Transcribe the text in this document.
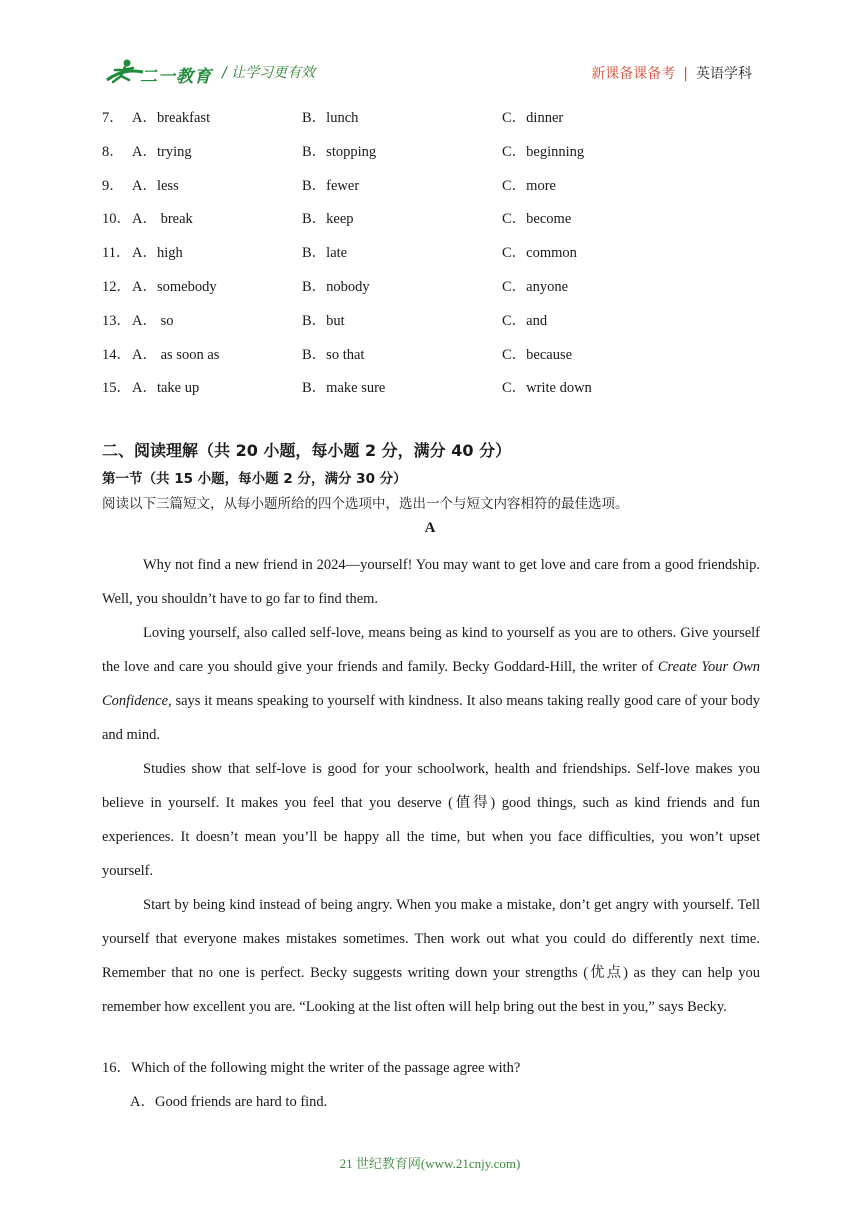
二一教育 / 让学习更有效	新课备课备考 | 英语学科
7． A．breakfast	B．lunch	C．dinner
8． A．trying	B．stopping	C．beginning
9． A．less	B．fewer	C．more
10． A． break	B．keep	C．become
11． A．high	B．late	C．common
12． A．somebody	B．nobody	C．anyone
13． A． so	B．but	C．and
14． A． as soon as	B．so that	C．because
15． A．take up	B．make sure	C．write down
二、阅读理解（共 20 小题，每小题 2 分，满分 40 分）
第一节（共 15 小题，每小题 2 分，满分 30 分）
阅读以下三篇短文，从每小题所给的四个选项中，选出一个与短文内容相符的最佳选项。
A

Why not find a new friend in 2024—yourself! You may want to get love and care from a good friendship. Well, you shouldn’t have to go far to find them.

Loving yourself, also called self-love, means being as kind to yourself as you are to others. Give yourself the love and care you should give your friends and family. Becky Goddard-Hill, the writer of Create Your Own Confidence, says it means speaking to yourself with kindness. It also means taking really good care of your body and mind.

Studies show that self-love is good for your schoolwork, health and friendships. Self-love makes you believe in yourself. It makes you feel that you deserve (值得) good things, such as kind friends and fun experiences. It doesn’t mean you’ll be happy all the time, but when you face difficulties, you won’t upset yourself.

Start by being kind instead of being angry. When you make a mistake, don’t get angry with yourself. Tell yourself that everyone makes mistakes sometimes. Then work out what you could do differently next time. Remember that no one is perfect. Becky suggests writing down your strengths (优点) as they can help you remember how excellent you are. “Looking at the list often will help bring out the best in you,” says Becky.

16．Which of the following might the writer of the passage agree with?
A．Good friends are hard to find.
21 世纪教育网(www.21cnjy.com)
